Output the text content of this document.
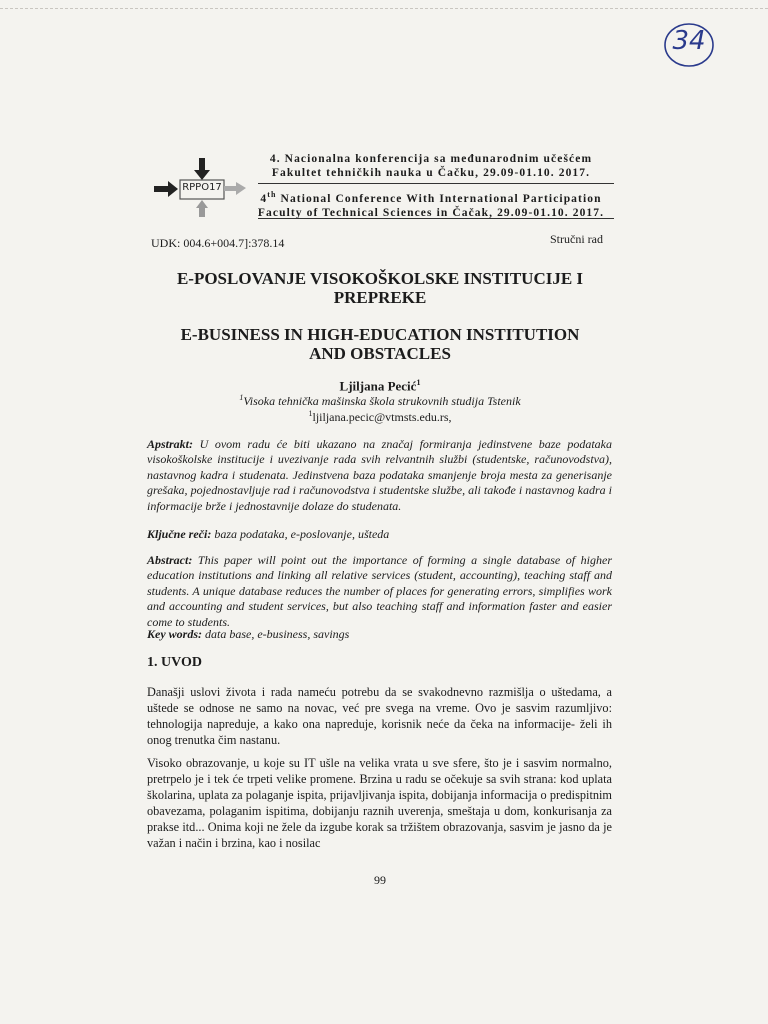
34
RPPO17
4. Nacionalna konferencija sa međunarodnim učešćem
Fakultet tehničkih nauka u Čačku, 29.09-01.10. 2017.
4th National Conference With International Participation
Faculty of Technical Sciences in Čačak, 29.09-01.10. 2017.
UDK: 004.6+004.7]:378.14	Stručni rad
E-POSLOVANJE VISOKOŠKOLSKE INSTITUCIJE I
PREPREKE
E-BUSINESS IN HIGH-EDUCATION INSTITUTION
AND OBSTACLES
Ljiljana Pecić$^1$
$^1$Visoka tehnička mašinska škola strukovnih studija Tstenik
$^1$ljiljana.pecic@vtmsts.edu.rs,
Apstrakt: U ovom radu će biti ukazano na značaj formiranja jedinstvene baze podataka visokoškolske institucije i uvezivanje rada svih relvantnih službi (studentske, računovodstva), nastavnog kadra i studenata. Jedinstvena baza podataka smanjenje broja mesta za generisanje grešaka, pojednostavljuje rad i računovodstva i studentske službe, ali takođe i nastavnog kadra i informacije brže i jednostavnije dolaze do studenata.
Ključne reči: baza podataka, e-poslovanje, ušteda
Abstract: This paper will point out the importance of forming a single database of higher education institutions and linking all relative services (student, accounting), teaching staff and students. A unique database reduces the number of places for generating errors, simplifies work and accounting and student services, but also teaching staff and information faster and easier come to students.
Key words: data base, e-business, savings
1. UVOD
Današji uslovi života i rada nameću potrebu da se svakodnevno razmišlja o uštedama, a uštede se odnose ne samo na novac, već pre svega na vreme. Ovo je sasvim razumljivo: tehnologija napreduje, a kako ona napreduje, korisnik neće da čeka na informacije- želi ih onog trenutka čim nastanu.
Visoko obrazovanje, u koje su IT ušle na velika vrata u sve sfere, što je i sasvim normalno, pretrpelo je i tek će trpeti velike promene. Brzina u radu se očekuje sa svih strana: kod uplata školarina, uplata za polaganje ispita, prijavljivanja ispita, dobijanja informacija o predispitnim obavezama, polaganim ispitima, dobijanju raznih uverenja, smeštaja u dom, konkurisanja za prakse itd... Onima koji ne žele da izgube korak sa tržištem obrazovanja, sasvim je jasno da je važan i način i brzina, kao i nosilac
99
